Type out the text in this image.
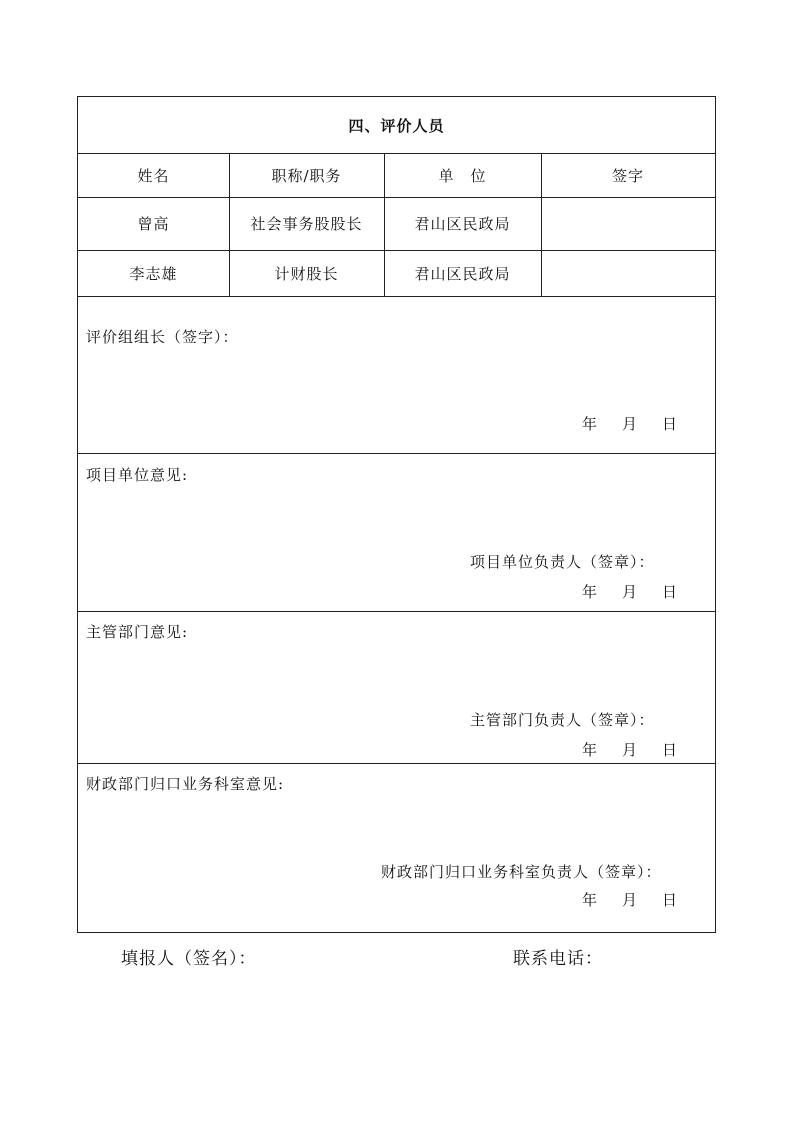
四、评价人员
姓名	职称/职务	单　位	签字
曾高	社会事务股股长	君山区民政局
李志雄	计财股长	君山区民政局
评价组组长（签字）：
年 月 日
项目单位意见:
项目单位负责人（签章）：
年 月 日
主管部门意见:
主管部门负责人（签章）：
年 月 日
财政部门归口业务科室意见:
财政部门归口业务科室负责人（签章）：
年 月 日
填报人（签名）：	联系电话：
